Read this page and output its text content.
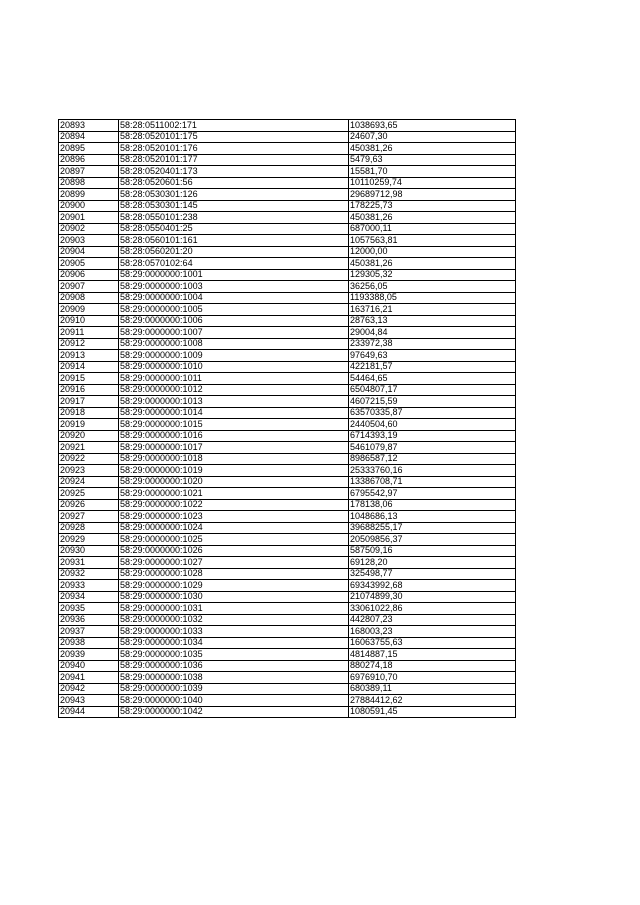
20893	58:28:0511002:171	1038693,65
20894	58:28:0520101:175	24607,30
20895	58:28:0520101:176	450381,26
20896	58:28:0520101:177	5479,63
20897	58:28:0520401:173	15581,70
20898	58:28:0520601:56	10110259,74
20899	58:28:0530301:126	29689712,98
20900	58:28:0530301:145	178225,73
20901	58:28:0550101:238	450381,26
20902	58:28:0550401:25	687000,11
20903	58:28:0560101:161	1057563,81
20904	58:28:0560201:20	12000,00
20905	58:28:0570102:64	450381,26
20906	58:29:0000000:1001	129305,32
20907	58:29:0000000:1003	36256,05
20908	58:29:0000000:1004	1193388,05
20909	58:29:0000000:1005	163716,21
20910	58:29:0000000:1006	28763,13
20911	58:29:0000000:1007	29004,84
20912	58:29:0000000:1008	233972,38
20913	58:29:0000000:1009	97649,63
20914	58:29:0000000:1010	422181,57
20915	58:29:0000000:1011	54464,65
20916	58:29:0000000:1012	6504807,17
20917	58:29:0000000:1013	4607215,59
20918	58:29:0000000:1014	63570335,87
20919	58:29:0000000:1015	2440504,60
20920	58:29:0000000:1016	6714393,19
20921	58:29:0000000:1017	5461079,87
20922	58:29:0000000:1018	8986587,12
20923	58:29:0000000:1019	25333760,16
20924	58:29:0000000:1020	13386708,71
20925	58:29:0000000:1021	6795542,97
20926	58:29:0000000:1022	178138,06
20927	58:29:0000000:1023	1048686,13
20928	58:29:0000000:1024	39688255,17
20929	58:29:0000000:1025	20509856,37
20930	58:29:0000000:1026	587509,16
20931	58:29:0000000:1027	69128,20
20932	58:29:0000000:1028	325498,77
20933	58:29:0000000:1029	69343992,68
20934	58:29:0000000:1030	21074899,30
20935	58:29:0000000:1031	33061022,86
20936	58:29:0000000:1032	442807,23
20937	58:29:0000000:1033	168003,23
20938	58:29:0000000:1034	16063755,63
20939	58:29:0000000:1035	4814887,15
20940	58:29:0000000:1036	880274,18
20941	58:29:0000000:1038	6976910,70
20942	58:29:0000000:1039	680389,11
20943	58:29:0000000:1040	27884412,62
20944	58:29:0000000:1042	1080591,45
